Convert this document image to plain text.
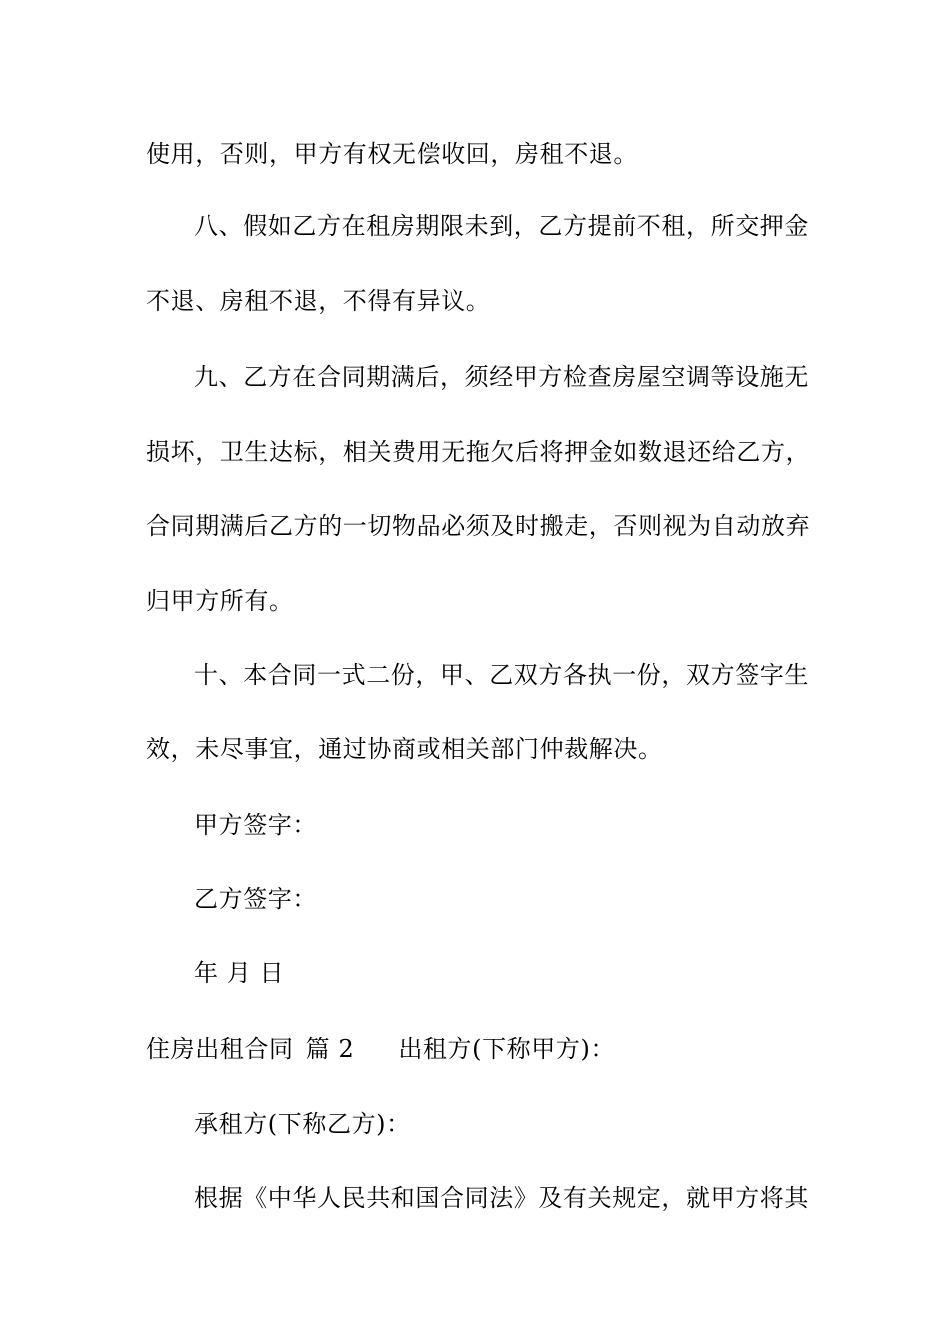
使用，否则，甲方有权无偿收回，房租不退。
八、假如乙方在租房期限未到，乙方提前不租，所交押金
不退、房租不退，不得有异议。
九、乙方在合同期满后，须经甲方检查房屋空调等设施无
损坏，卫生达标，相关费用无拖欠后将押金如数退还给乙方，
合同期满后乙方的一切物品必须及时搬走，否则视为自动放弃
归甲方所有。
十、本合同一式二份，甲、乙双方各执一份，双方签字生
效，未尽事宜，通过协商或相关部门仲裁解决。
甲方签字：
乙方签字：
年 月 日
住房出租合同 篇 2 出租方(下称甲方)：
承租方(下称乙方)：
根据《中华人民共和国合同法》及有关规定，就甲方将其
